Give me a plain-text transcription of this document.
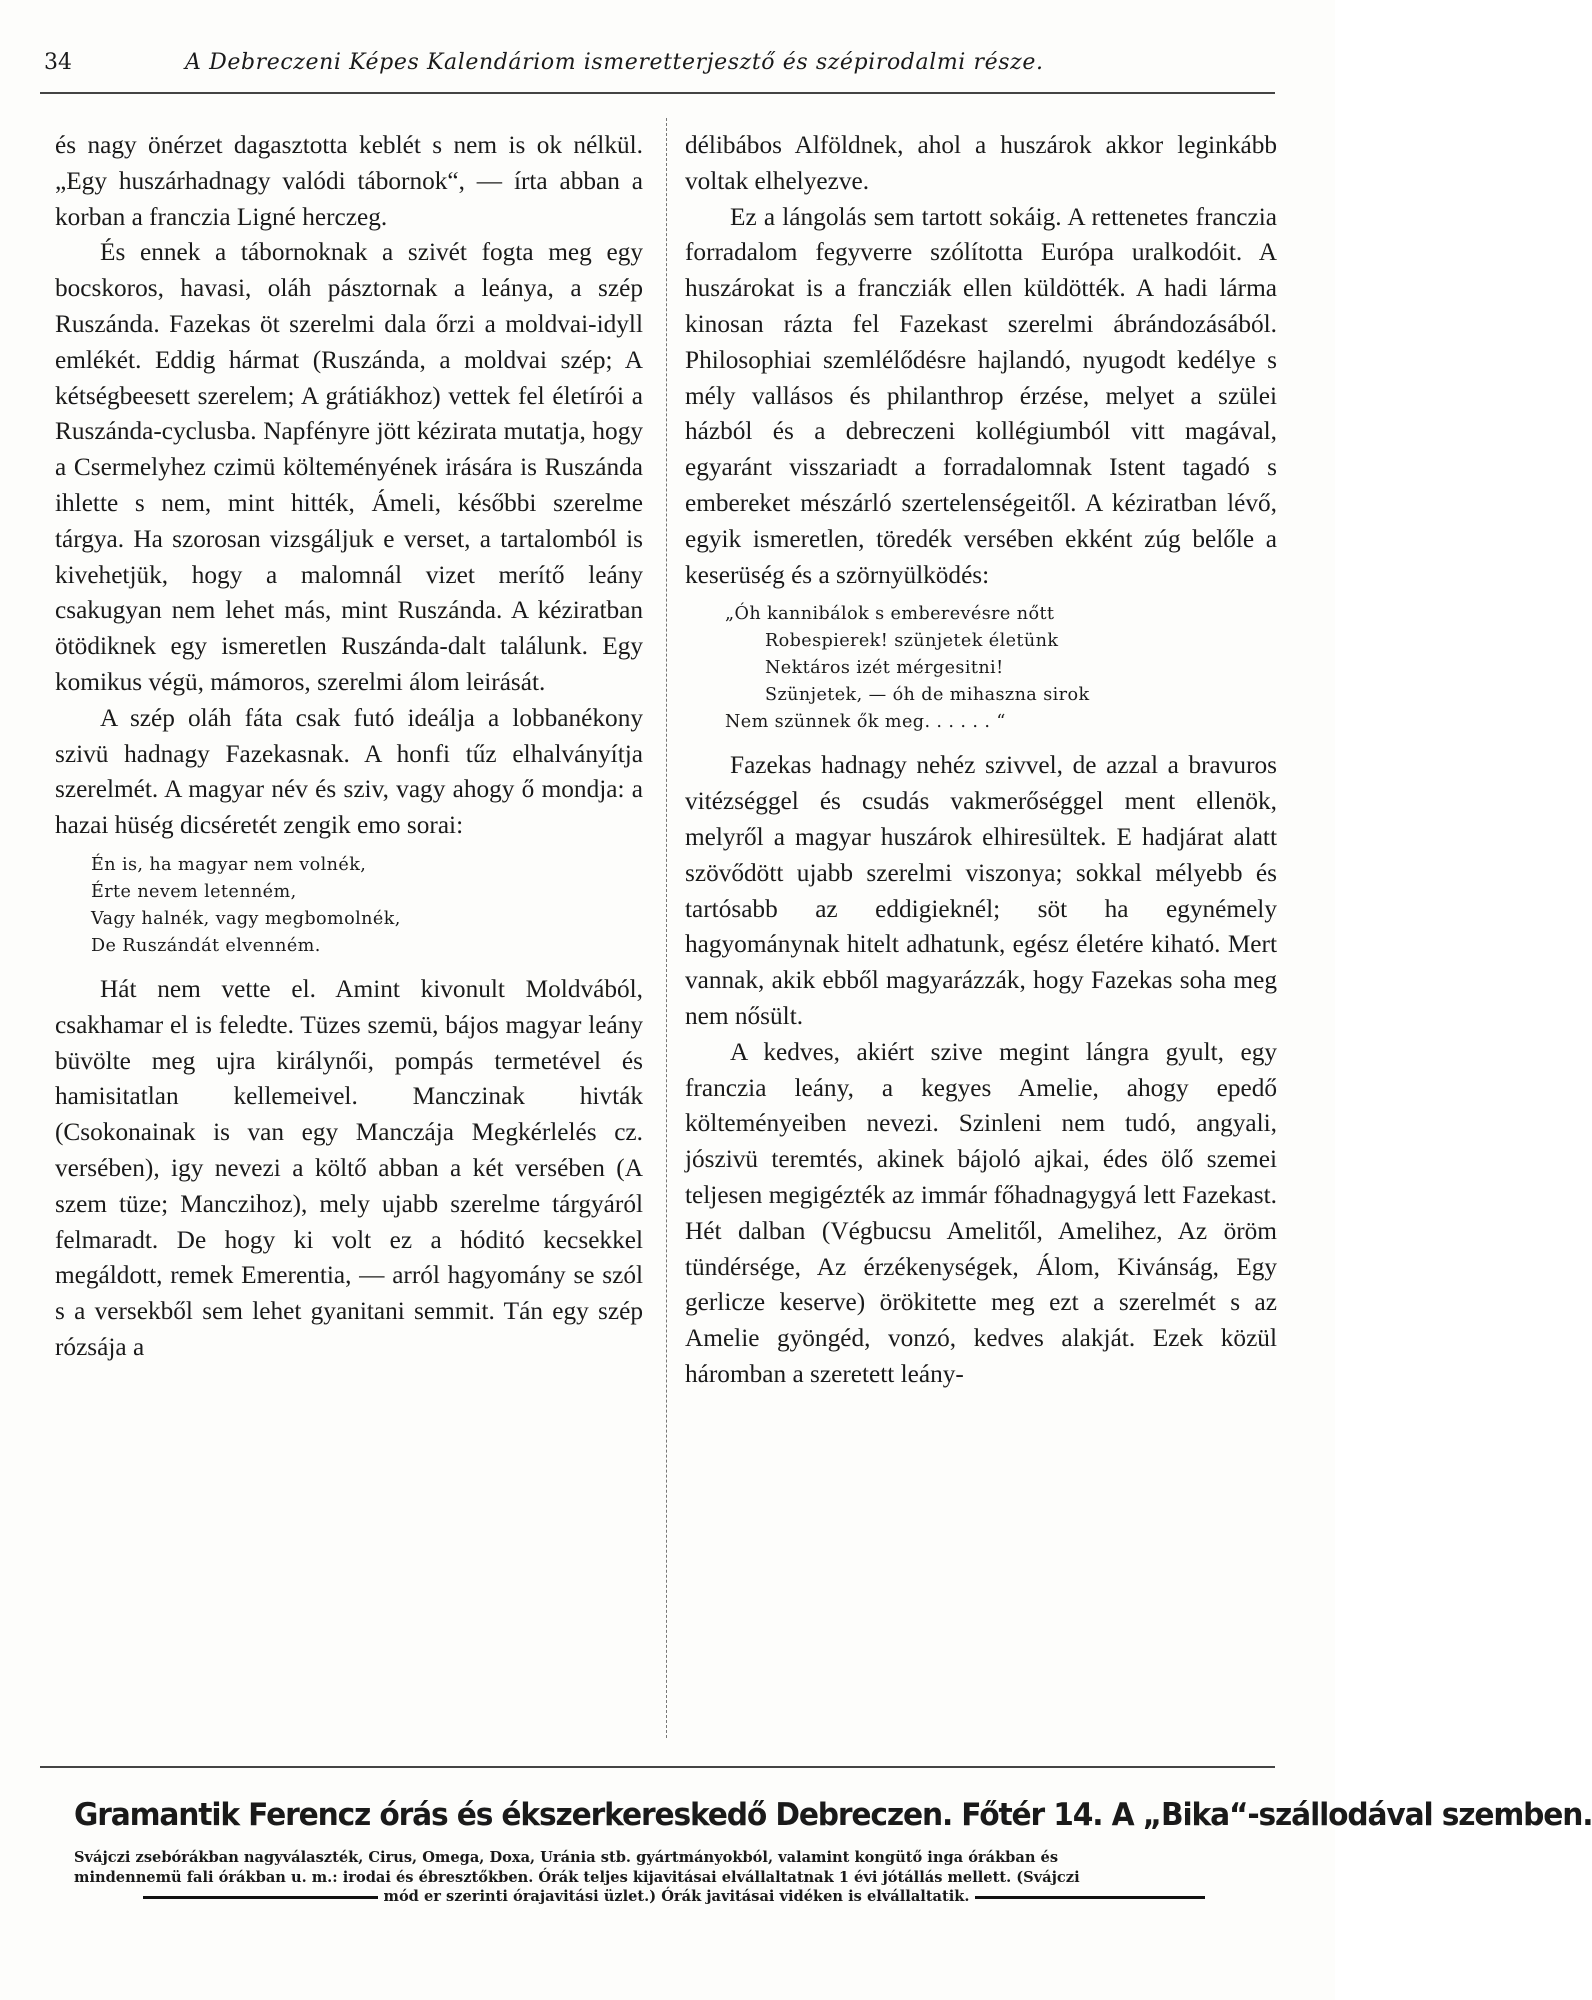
34	A Debreczeni Képes Kalendáriom ismeretterjesztő és szépirodalmi része.

és nagy önérzet dagasztotta keblét s nem is ok nélkül. „Egy huszárhadnagy valódi tábornok“, — írta abban a korban a franczia Ligné herczeg.

És ennek a tábornoknak a szivét fogta meg egy bocskoros, havasi, oláh pásztornak a leánya, a szép Ruszánda. Fazekas öt szerelmi dala őrzi a moldvai-idyll emlékét. Eddig hármat (Ruszánda, a moldvai szép; A kétségbeesett szerelem; A grátiákhoz) vettek fel életírói a Ruszánda-cyclusba. Napfényre jött kézirata mutatja, hogy a Csermelyhez czimü költeményének irására is Ruszánda ihlette s nem, mint hitték, Ámeli, későbbi szerelme tárgya. Ha szorosan vizsgáljuk e verset, a tartalomból is kivehetjük, hogy a malomnál vizet merítő leány csakugyan nem lehet más, mint Ruszánda. A kéziratban ötödiknek egy ismeretlen Ruszánda-dalt találunk. Egy komikus végü, mámoros, szerelmi álom leirását.

A szép oláh fáta csak futó ideálja a lobbanékony szivü hadnagy Fazekasnak. A honfi tűz elhalványítja szerelmét. A magyar név és sziv, vagy ahogy ő mondja: a hazai hüség dicséretét zengik emo sorai:

Én is, ha magyar nem volnék,
Érte nevem letenném,
Vagy halnék, vagy megbomolnék,
De Ruszándát elvenném.

Hát nem vette el. Amint kivonult Moldvából, csakhamar el is feledte. Tüzes szemü, bájos magyar leány büvölte meg ujra királynői, pompás termetével és hamisitatlan kellemeivel. Manczinak hivták (Csokonainak is van egy Manczája Megkérlelés cz. versében), igy nevezi a költő abban a két versében (A szem tüze; Manczihoz), mely ujabb szerelme tárgyáról felmaradt. De hogy ki volt ez a hóditó kecsekkel megáldott, remek Emerentia, — arról hagyomány se szól s a versekből sem lehet gyanitani semmit. Tán egy szép rózsája a

délibábos Alföldnek, ahol a huszárok akkor leginkább voltak elhelyezve.

Ez a lángolás sem tartott sokáig. A rettenetes franczia forradalom fegyverre szólította Európa uralkodóit. A huszárokat is a francziák ellen küldötték. A hadi lárma kinosan rázta fel Fazekast szerelmi ábrándozásából. Philosophiai szemlélődésre hajlandó, nyugodt kedélye s mély vallásos és philanthrop érzése, melyet a szülei házból és a debreczeni kollégiumból vitt magával, egyaránt visszariadt a forradalomnak Istent tagadó s embereket mészárló szertelenségeitől. A kéziratban lévő, egyik ismeretlen, töredék versében ekként zúg belőle a keserüség és a szörnyülködés:

„Óh kannibálok s emberevésre nőtt
Robespierek! szünjetek életünk
Nektáros izét mérgesitni!
Szünjetek, — óh de mihaszna sirok
Nem szünnek ők meg. . . . . . “

Fazekas hadnagy nehéz szivvel, de azzal a bravuros vitézséggel és csudás vakmerőséggel ment ellenök, melyről a magyar huszárok elhiresültek. E hadjárat alatt szövődött ujabb szerelmi viszonya; sokkal mélyebb és tartósabb az eddigieknél; söt ha egynémely hagyománynak hitelt adhatunk, egész életére kiható. Mert vannak, akik ebből magyarázzák, hogy Fazekas soha meg nem nősült.

A kedves, akiért szive megint lángra gyult, egy franczia leány, a kegyes Amelie, ahogy epedő költeményeiben nevezi. Szinleni nem tudó, angyali, jószivü teremtés, akinek bájoló ajkai, édes ölő szemei teljesen megigézték az immár főhadnagygyá lett Fazekast. Hét dalban (Végbucsu Amelitől, Amelihez, Az öröm tündérsége, Az érzékenységek, Álom, Kivánság, Egy gerlicze keserve) örökitette meg ezt a szerelmét s az Amelie gyöngéd, vonzó, kedves alakját. Ezek közül háromban a szeretett leány-

Gramantik Ferencz órás és ékszerkereskedő Debreczen. Főtér 14. A „Bika“-szállodával szemben.
Svájczi zsebórákban nagyválaszték, Cirus, Omega, Doxa, Uránia stb. gyártmányokból, valamint kongütő inga órákban és
mindennemü fali órákban u. m.: irodai és ébresztőkben. Órák teljes kijavitásai elvállaltatnak 1 évi jótállás mellett. (Svájczi
mód er szerinti órajavitási üzlet.) Órák javitásai vidéken is elvállaltatik.
